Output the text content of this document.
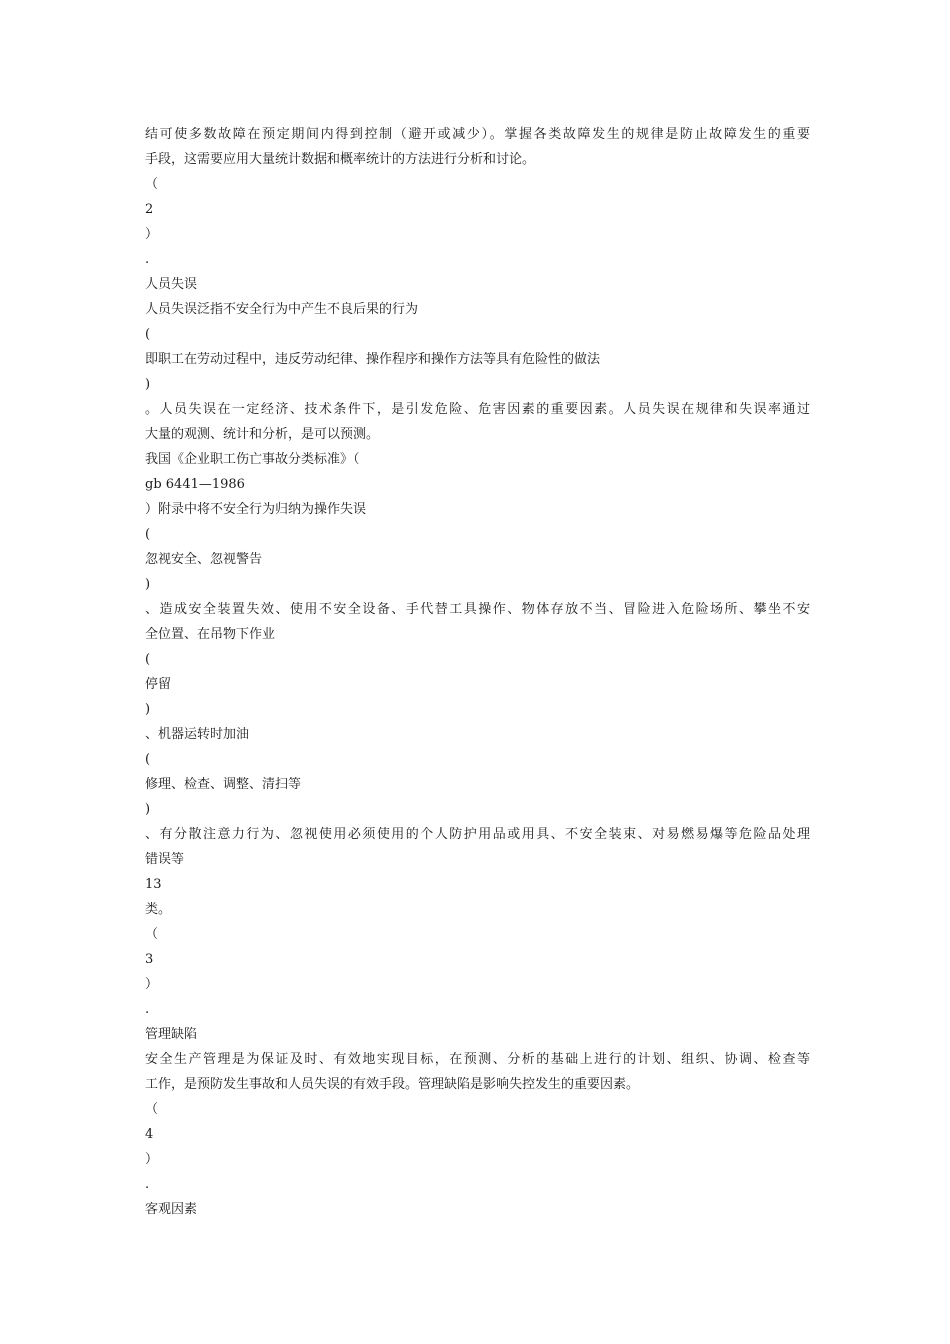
结可使多数故障在预定期间内得到控制（避开或减少）。掌握各类故障发生的规律是防止故障发生的重要
手段，这需要应用大量统计数据和概率统计的方法进行分析和讨论。
（
2
）
.
人员失误
人员失误泛指不安全行为中产生不良后果的行为
(
即职工在劳动过程中，违反劳动纪律、操作程序和操作方法等具有危险性的做法
)
。人员失误在一定经济、技术条件下，是引发危险、危害因素的重要因素。人员失误在规律和失误率通过
大量的观测、统计和分析，是可以预测。
我国《企业职工伤亡事故分类标准》（
gb 6441—1986
）附录中将不安全行为归纳为操作失误
(
忽视安全、忽视警告
)
、造成安全装置失效、使用不安全设备、手代替工具操作、物体存放不当、冒险进入危险场所、攀坐不安
全位置、在吊物下作业
(
停留
)
、机器运转时加油
(
修理、检查、调整、清扫等
)
、有分散注意力行为、忽视使用必须使用的个人防护用品或用具、不安全装束、对易燃易爆等危险品处理
错误等
13
类。
（
3
）
.
管理缺陷
安全生产管理是为保证及时、有效地实现目标，在预测、分析的基础上进行的计划、组织、协调、检查等
工作，是预防发生事故和人员失误的有效手段。管理缺陷是影响失控发生的重要因素。
（
4
）
.
客观因素
